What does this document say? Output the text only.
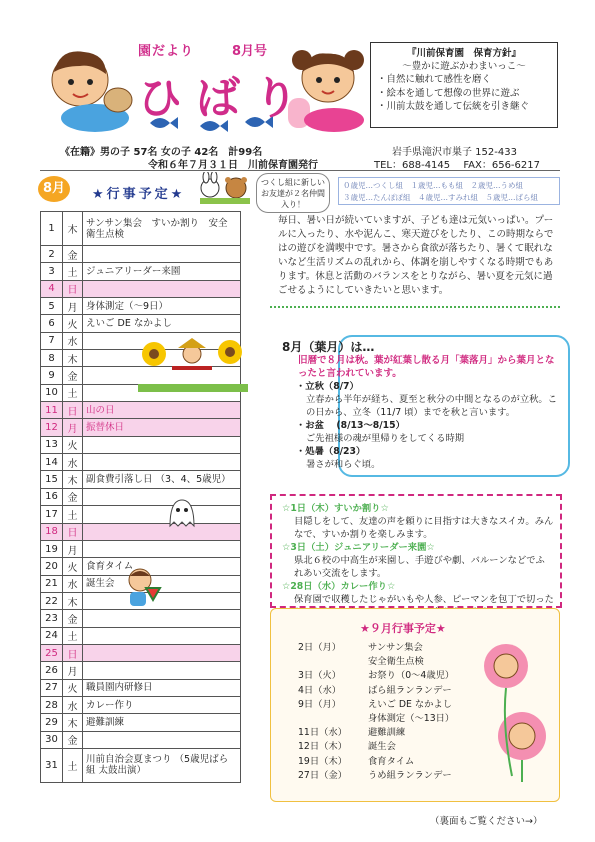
園だより	8月号
ひばり
『川前保育園　保育方針』
～豊かに遊ぶかわまいっこ～
・自然に触れて感性を磨く
・絵本を通して想像の世界に遊ぶ
・川前太鼓を通して伝統を引き継ぐ
《在籍》男の子 57名 女の子 42名　計99名	岩手県滝沢市巣子 152-433
令和６年７月３１日　川前保育園発行	TEL：688-4145　 FAX：656-6217
8月	★行事予定★
つくし組に新しいお友達が２名仲間入り！
０歳児…つくし組　１歳児…もも組　２歳児…うめ組
３歳児…たんぽぽ組　４歳児…すみれ組　５歳児…ばら組
1	木	サンサン集会　すいか割り　安全衛生点検
2	金	
3	土	ジュニアリーダー来園
4	日	
5	月	身体測定（～9日）
6	火	えいご DE なかよし
7	水	
8	木	
9	金	
10	土	
11	日	山の日
12	月	振替休日
13	火	
14	水	
15	木	副食費引落し日 （3、4、5歳児）
16	金	
17	土	
18	日	
19	月	
20	火	食育タイム
21	水	誕生会
22	木	
23	金	
24	土	
25	日	
26	月	
27	火	職員園内研修日
28	水	カレー作り
29	木	避難訓練
30	金	
31	土	川前自治会夏まつり （5歳児ばら組 太鼓出演）
毎日、暑い日が続いていますが、子ども達は元気いっぱい。プールに入ったり、水や泥んこ、寒天遊びをしたり、この時期ならではの遊びを満喫中です。暑さから食欲が落ちたり、暑くて眠れないなど生活リズムの乱れから、体調を崩しやすくなる時期でもあります。休息と活動のバランスをとりながら、暑い夏を元気に過ごせるようにしていきたいと思います。
8月（葉月）は…
旧暦で８月は秋。葉が紅葉し散る月「葉落月」から葉月となったと言われています。
・立秋（8/7）
立春から半年が経ち、夏至と秋分の中間となるのが立秋。この日から、立冬（11/7 頃）までを秋と言います。
・お盆 　(8/13～8/15）
ご先祖様の魂が里帰りをしてくる時期
・処暑（8/23）
暑さが和らぐ頃。
☆1日（木）すいか割り☆
目隠しをして、友達の声を頼りに目指すは大きなスイカ。みんなで、すいか割りを楽しみます。
☆3日（土）ジュニアリーダー来園☆
県北６校の中高生が来園し、手遊びや劇、バルーンなどでふれあい交流をします。
☆28日（水）カレー作り☆
保育園で収穫したじゃがいもや人参、ピーマンを包丁で切った
★９月行事予定★
2日（月）	サンサン集会
	安全衛生点検
3日（火）	お祭り（0～4歳児）
4日（水）	ばら組ランランデー
9日（月）	えいご DE なかよし
	身体測定（～13日）
11日（水）	避難訓練
12日（木）	誕生会
19日（木）	食育タイム
27日（金）	うめ組ランランデー
（裏面もご覧ください→）
